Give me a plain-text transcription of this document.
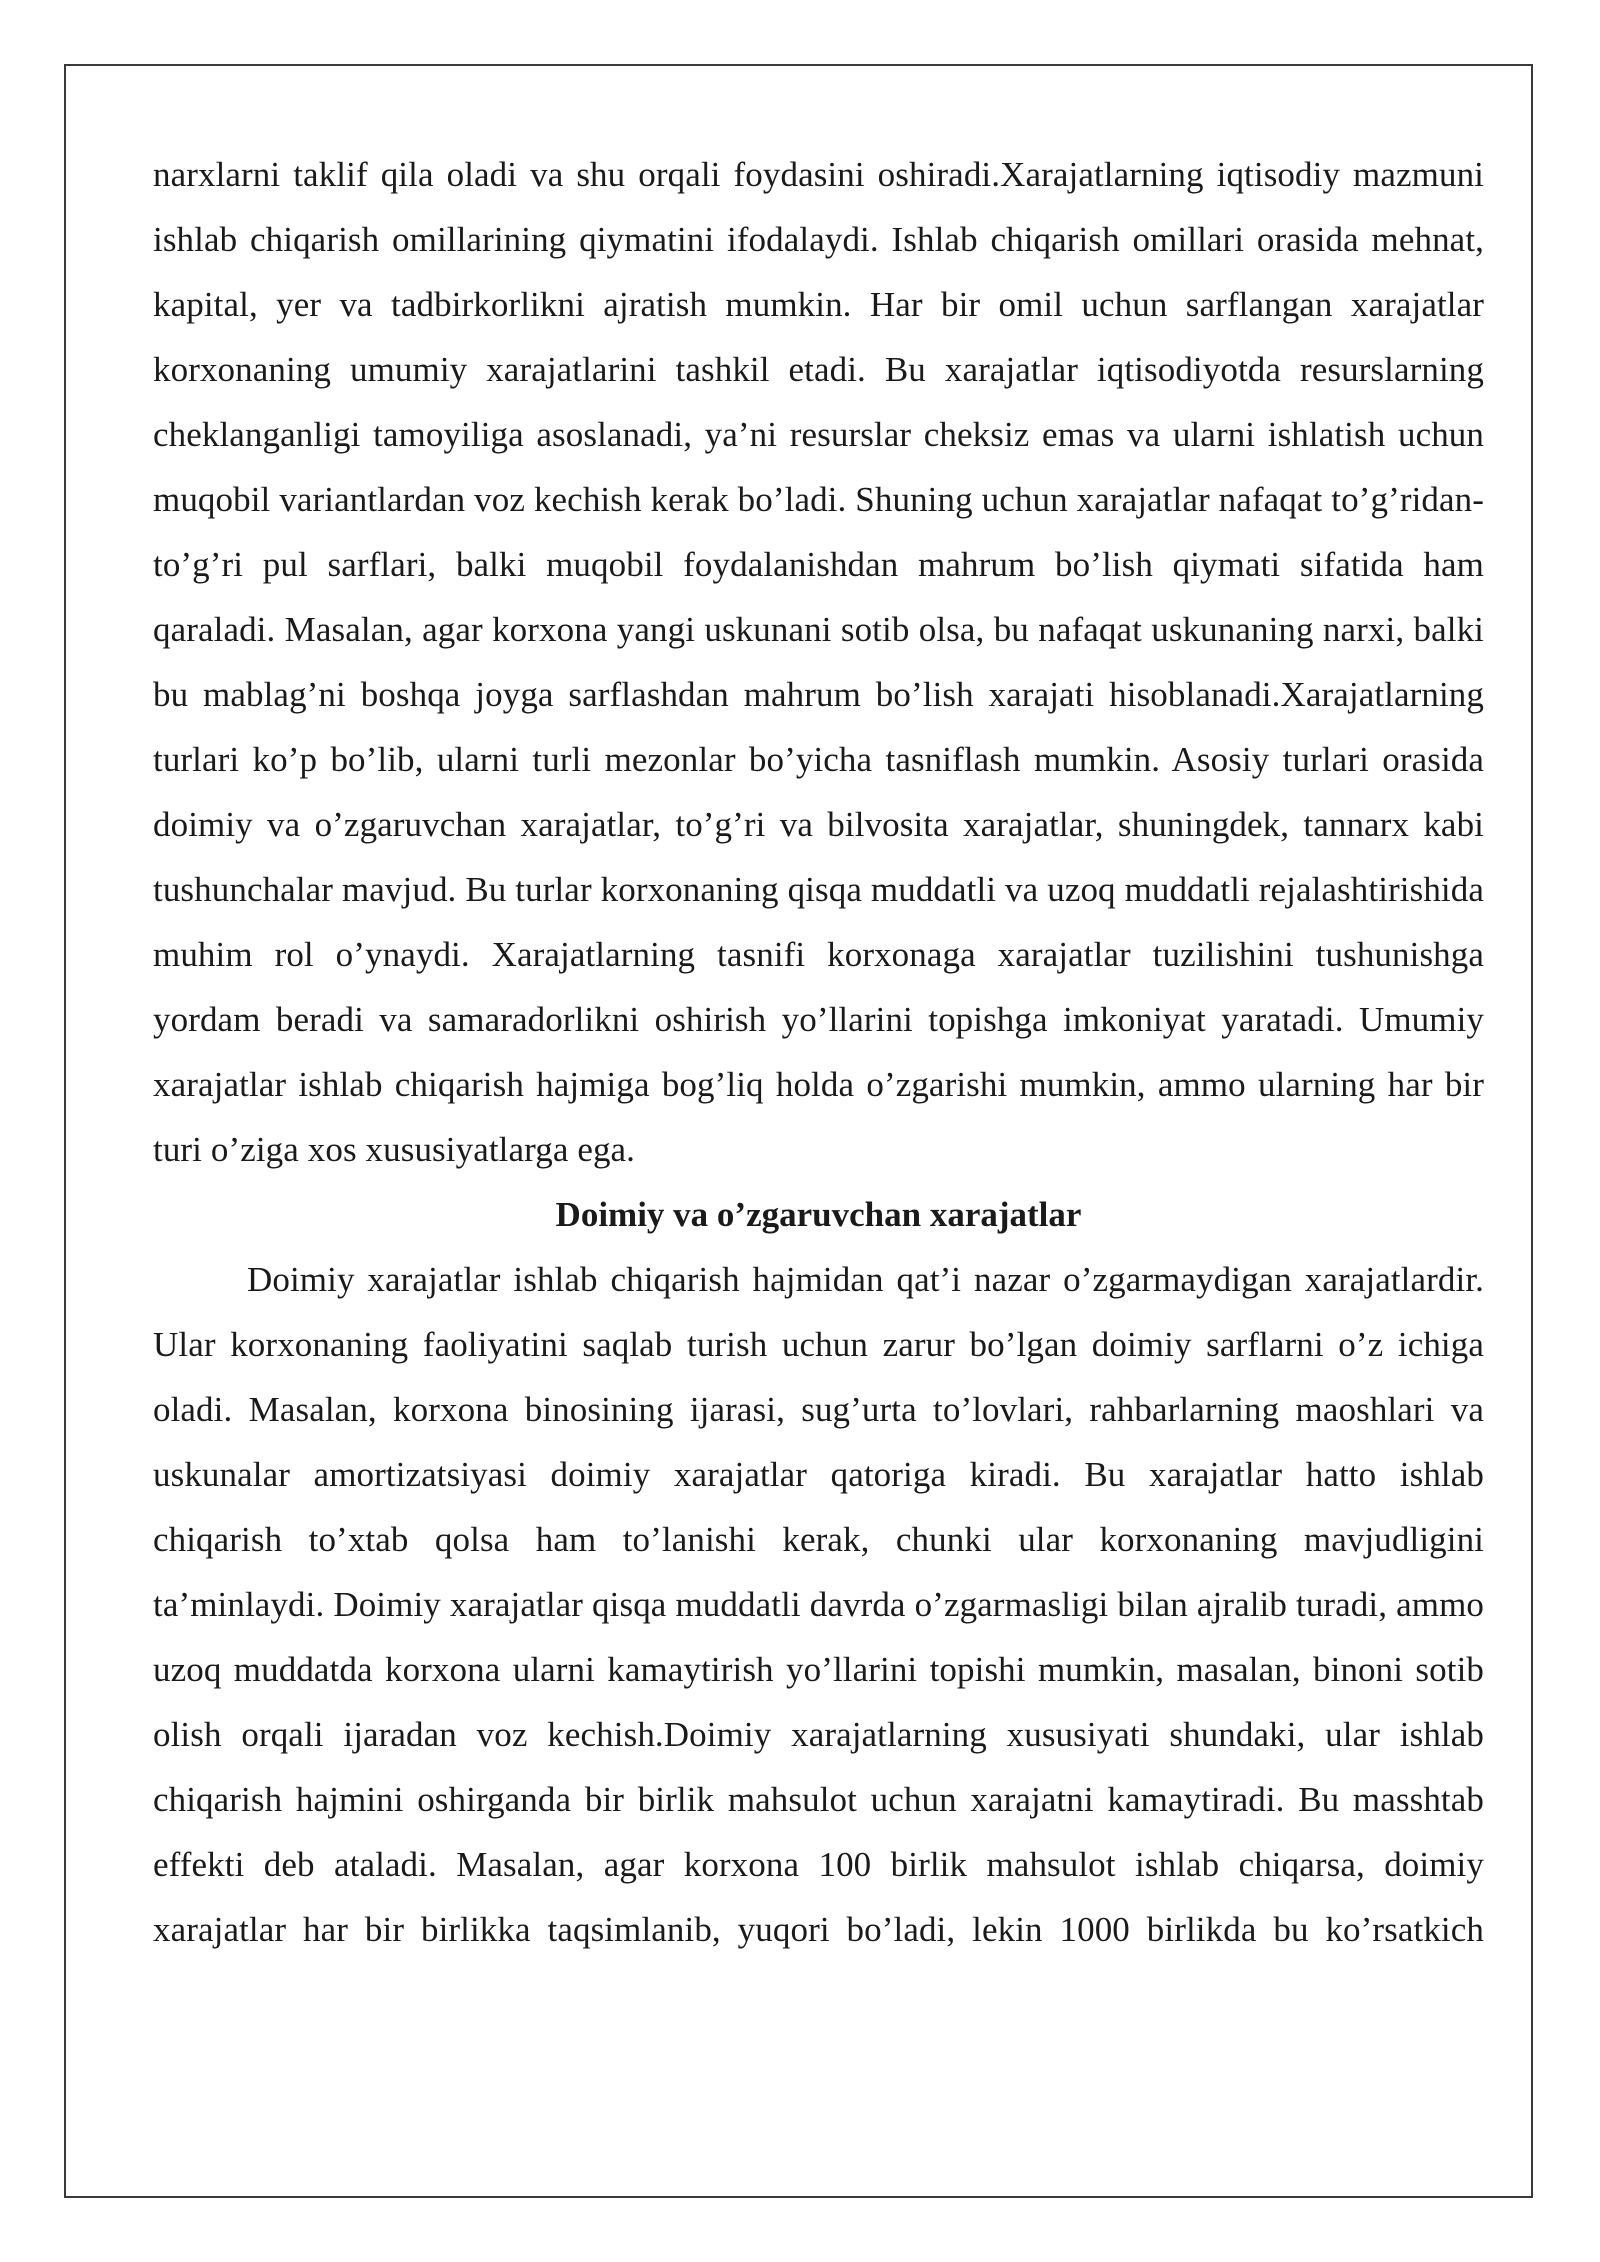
narxlarni taklif qila oladi va shu orqali foydasini oshiradi.Xarajatlarning iqtisodiy mazmuni ishlab chiqarish omillarining qiymatini ifodalaydi. Ishlab chiqarish omillari orasida mehnat, kapital, yer va tadbirkorlikni ajratish mumkin. Har bir omil uchun sarflangan xarajatlar korxonaning umumiy xarajatlarini tashkil etadi. Bu xarajatlar iqtisodiyotda resurslarning cheklanganligi tamoyiliga asoslanadi, ya’ni resurslar cheksiz emas va ularni ishlatish uchun muqobil variantlardan voz kechish kerak bo’ladi. Shuning uchun xarajatlar nafaqat to’g’ridan-to’g’ri pul sarflari, balki muqobil foydalanishdan mahrum bo’lish qiymati sifatida ham qaraladi. Masalan, agar korxona yangi uskunani sotib olsa, bu nafaqat uskunaning narxi, balki bu mablag’ni boshqa joyga sarflashdan mahrum bo’lish xarajati hisoblanadi.Xarajatlarning turlari ko’p bo’lib, ularni turli mezonlar bo’yicha tasniflash mumkin. Asosiy turlari orasida doimiy va o’zgaruvchan xarajatlar, to’g’ri va bilvosita xarajatlar, shuningdek, tannarx kabi tushunchalar mavjud. Bu turlar korxonaning qisqa muddatli va uzoq muddatli rejalashtirishida muhim rol o’ynaydi. Xarajatlarning tasnifi korxonaga xarajatlar tuzilishini tushunishga yordam beradi va samaradorlikni oshirish yo’llarini topishga imkoniyat yaratadi. Umumiy xarajatlar ishlab chiqarish hajmiga bog’liq holda o’zgarishi mumkin, ammo ularning har bir turi o’ziga xos xususiyatlarga ega.

Doimiy va o’zgaruvchan xarajatlar

Doimiy xarajatlar ishlab chiqarish hajmidan qat’i nazar o’zgarmaydigan xarajatlardir. Ular korxonaning faoliyatini saqlab turish uchun zarur bo’lgan doimiy sarflarni o’z ichiga oladi. Masalan, korxona binosining ijarasi, sug’urta to’lovlari, rahbarlarning maoshlari va uskunalar amortizatsiyasi doimiy xarajatlar qatoriga kiradi. Bu xarajatlar hatto ishlab chiqarish to’xtab qolsa ham to’lanishi kerak, chunki ular korxonaning mavjudligini ta’minlaydi. Doimiy xarajatlar qisqa muddatli davrda o’zgarmasligi bilan ajralib turadi, ammo uzoq muddatda korxona ularni kamaytirish yo’llarini topishi mumkin, masalan, binoni sotib olish orqali ijaradan voz kechish.Doimiy xarajatlarning xususiyati shundaki, ular ishlab chiqarish hajmini oshirganda bir birlik mahsulot uchun xarajatni kamaytiradi. Bu masshtab effekti deb ataladi. Masalan, agar korxona 100 birlik mahsulot ishlab chiqarsa, doimiy xarajatlar har bir birlikka taqsimlanib, yuqori bo’ladi, lekin 1000 birlikda bu ko’rsatkich
